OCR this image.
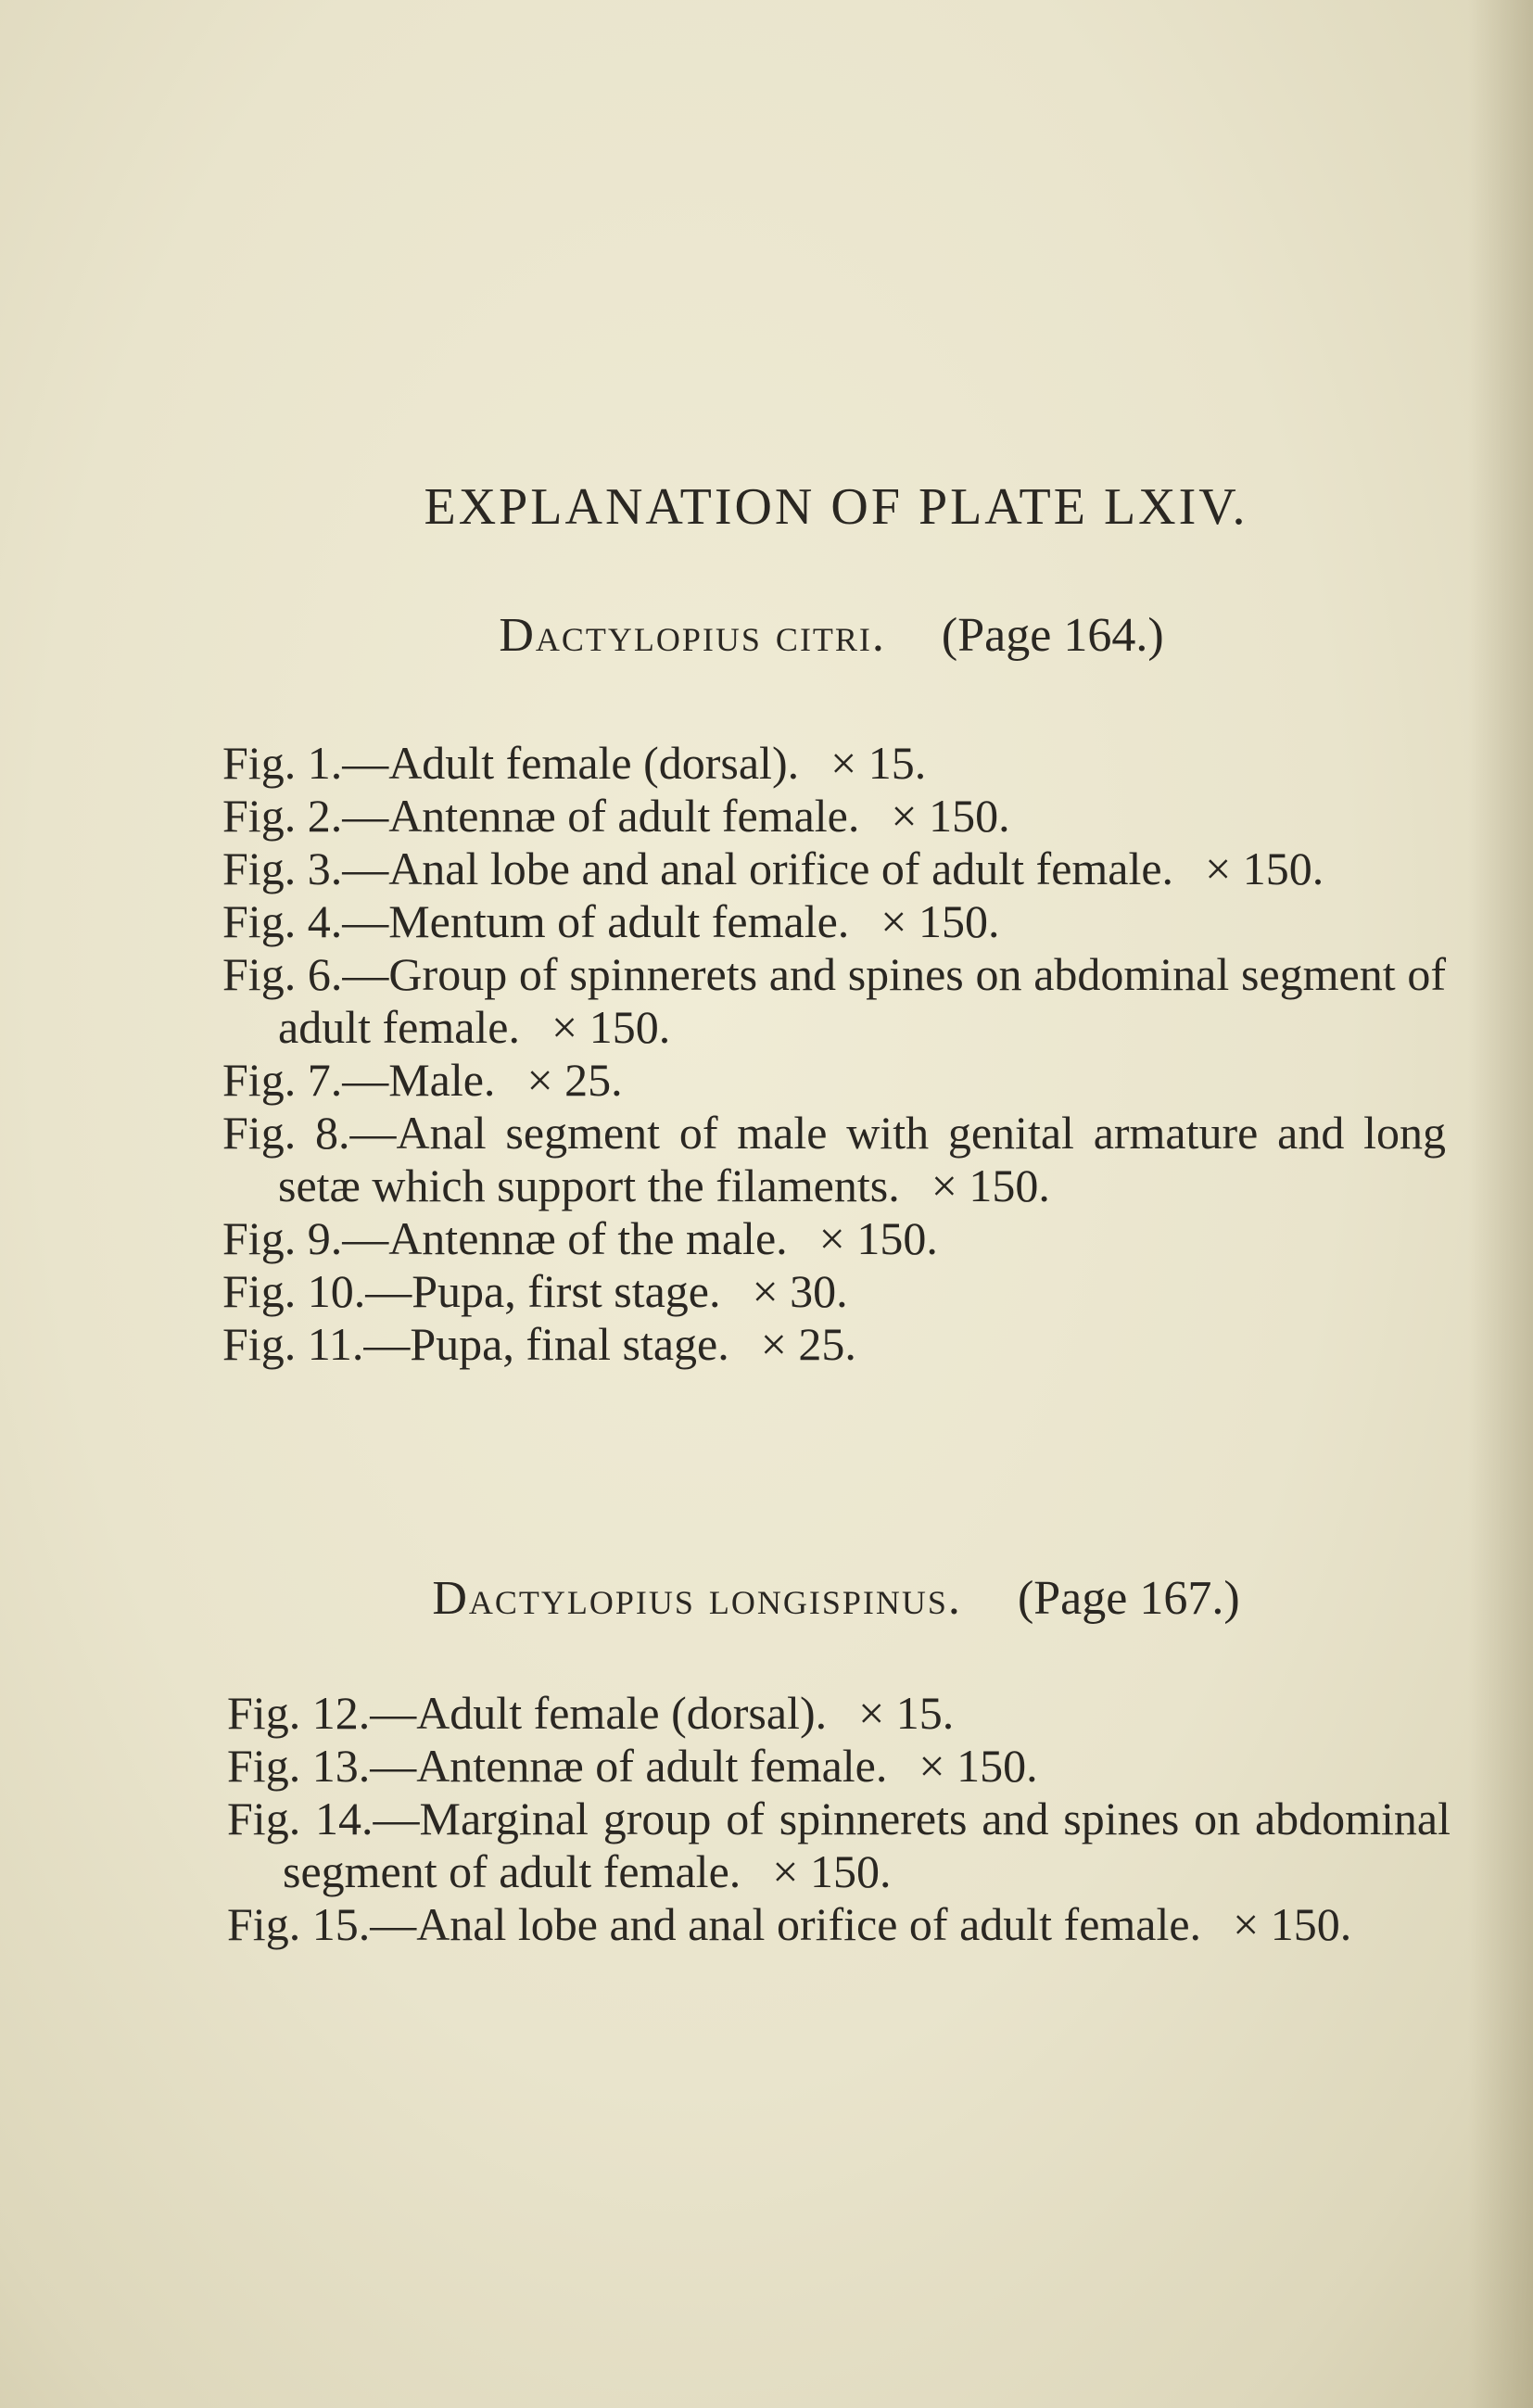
EXPLANATION OF PLATE LXIV.
Dactylopius citri. (Page 164.)
Fig. 1.—Adult female (dorsal). × 15.
Fig. 2.—Antennæ of adult female. × 150.
Fig. 3.—Anal lobe and anal orifice of adult female. × 150.
Fig. 4.—Mentum of adult female. × 150.
Fig. 6.—Group of spinnerets and spines on abdominal segment of adult female. × 150.
Fig. 7.—Male. × 25.
Fig. 8.—Anal segment of male with genital armature and long setæ which support the filaments. × 150.
Fig. 9.—Antennæ of the male. × 150.
Fig. 10.—Pupa, first stage. × 30.
Fig. 11.—Pupa, final stage. × 25.
Dactylopius longispinus. (Page 167.)
Fig. 12.—Adult female (dorsal). × 15.
Fig. 13.—Antennæ of adult female. × 150.
Fig. 14.—Marginal group of spinnerets and spines on abdominal segment of adult female. × 150.
Fig. 15.—Anal lobe and anal orifice of adult female. × 150.
